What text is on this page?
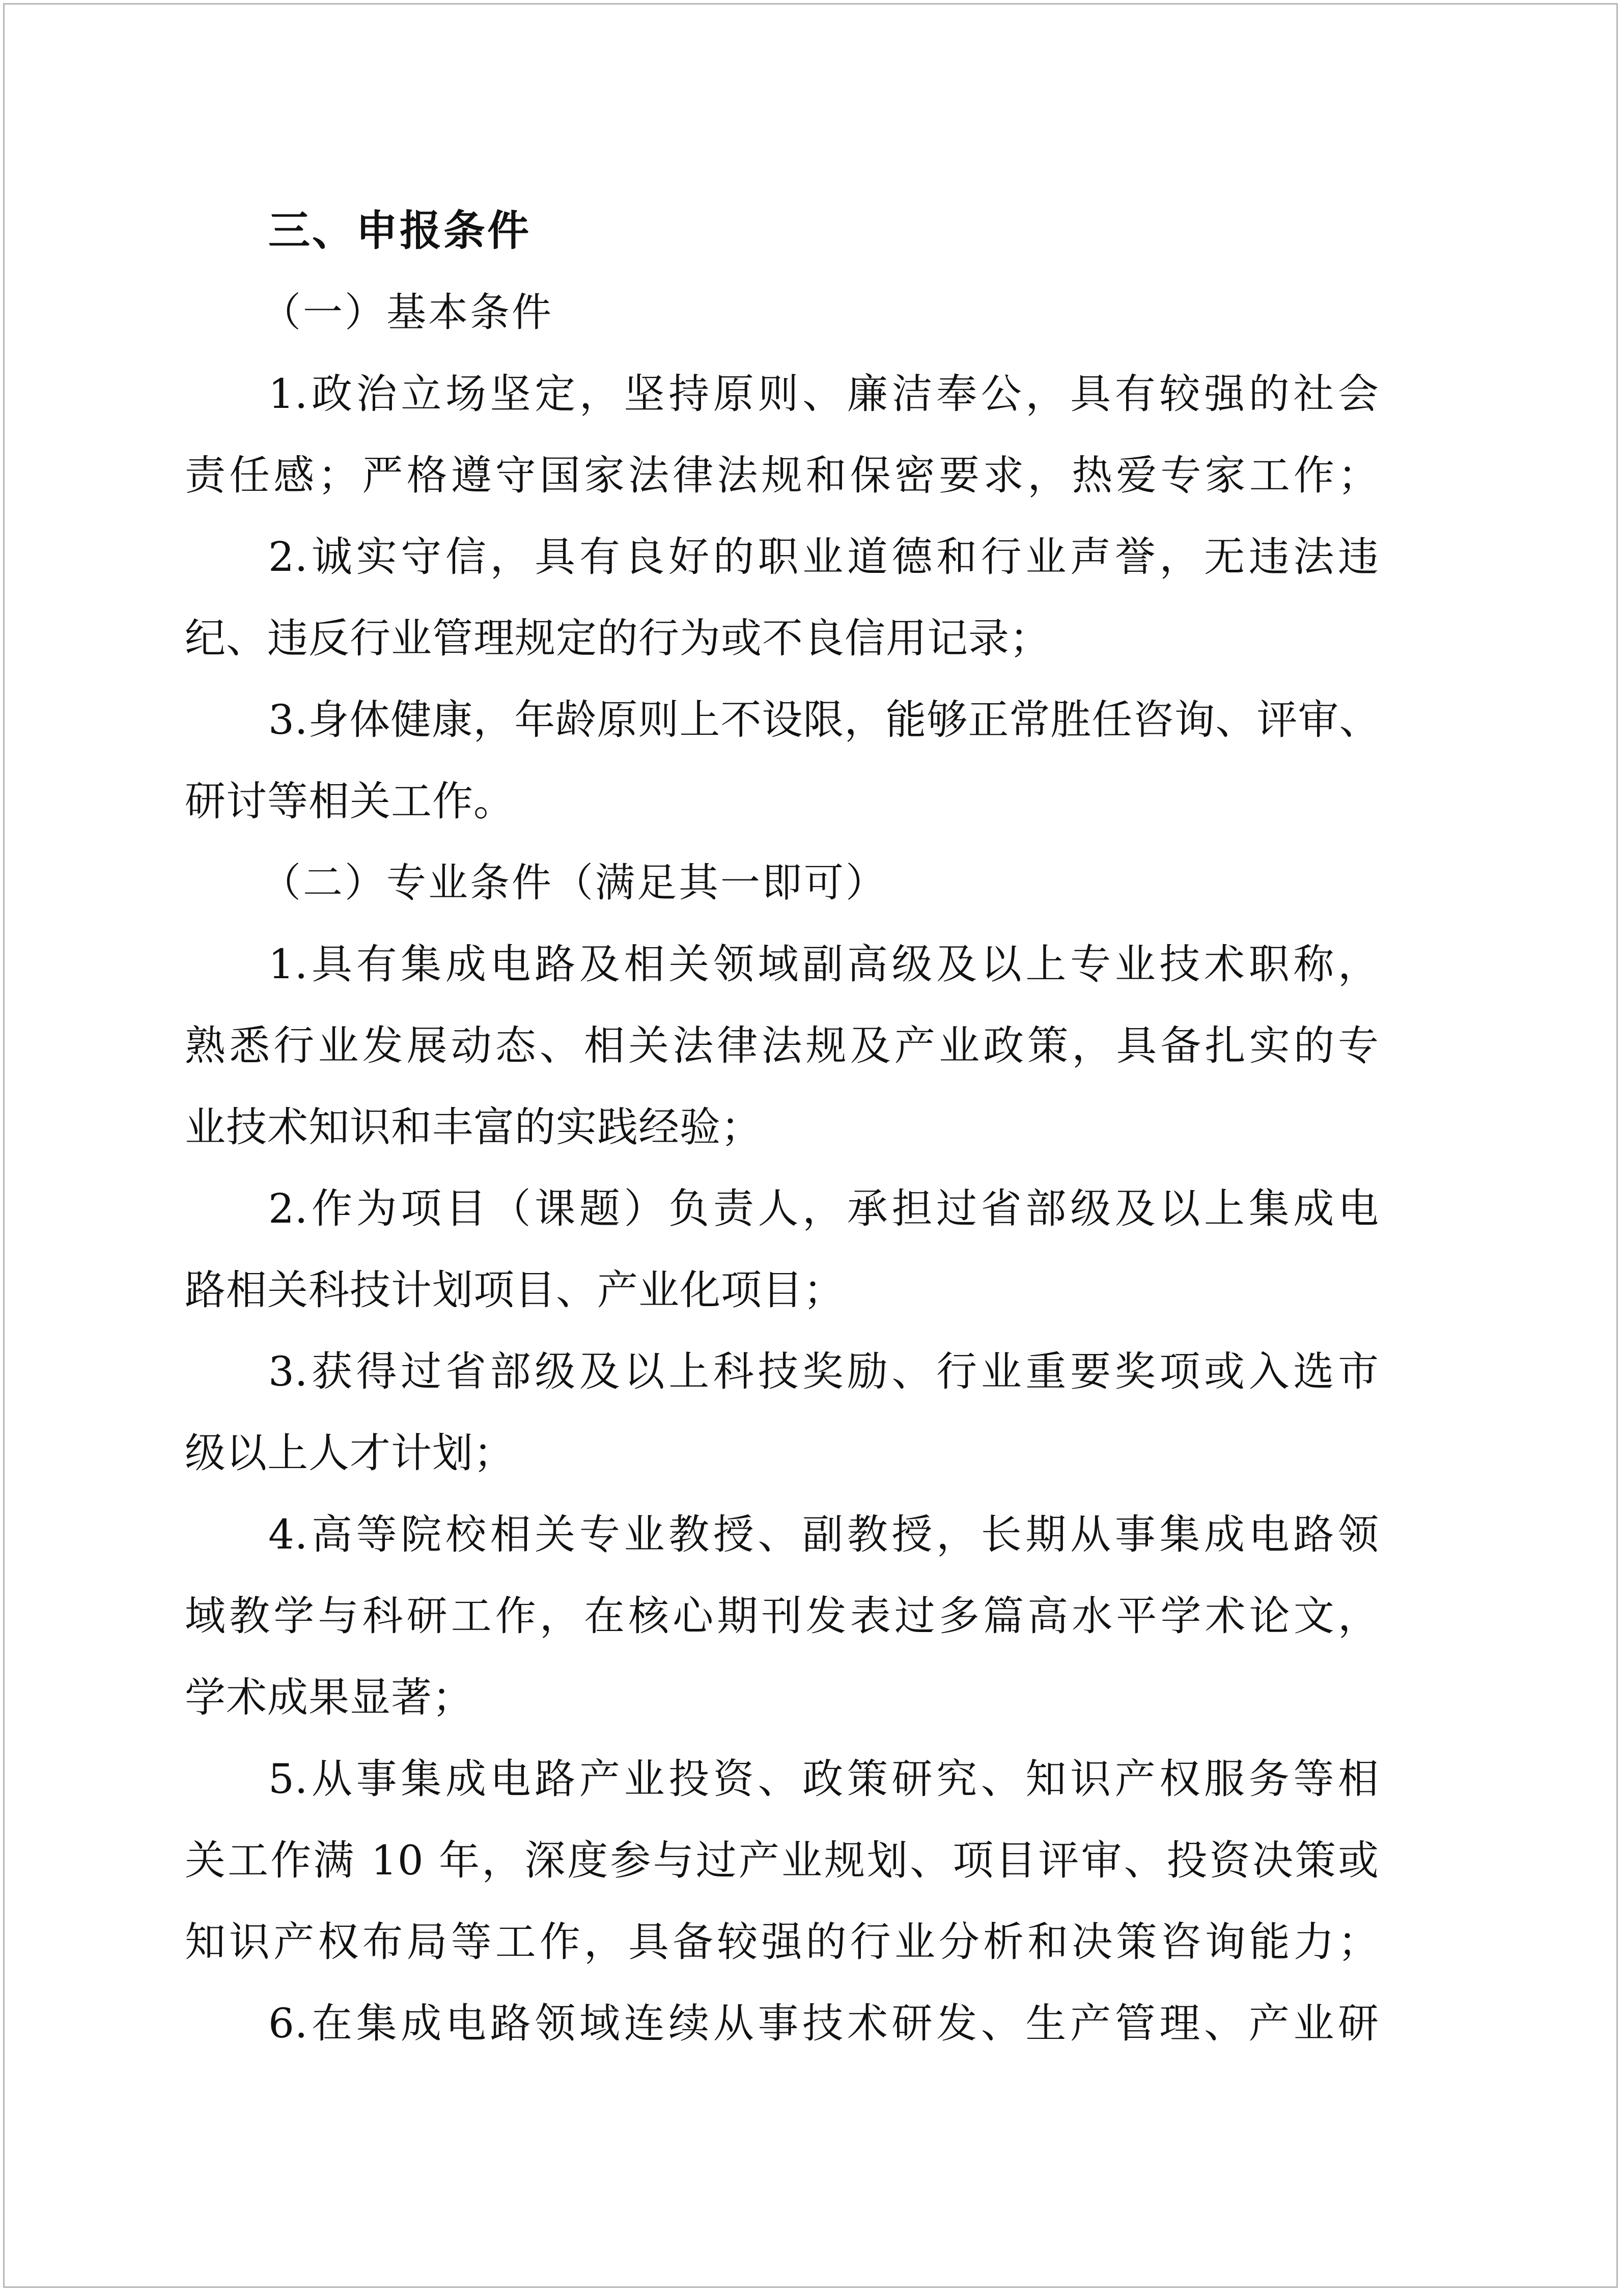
三、申报条件
（一）基本条件
1.政治立场坚定，坚持原则、廉洁奉公，具有较强的社会
责任感；严格遵守国家法律法规和保密要求，热爱专家工作；
2.诚实守信，具有良好的职业道德和行业声誉，无违法违
纪、违反行业管理规定的行为或不良信用记录；
3.身体健康，年龄原则上不设限，能够正常胜任咨询、评审、
研讨等相关工作。
（二）专业条件（满足其一即可）
1.具有集成电路及相关领域副高级及以上专业技术职称，
熟悉行业发展动态、相关法律法规及产业政策，具备扎实的专
业技术知识和丰富的实践经验；
2.作为项目（课题）负责人，承担过省部级及以上集成电
路相关科技计划项目、产业化项目；
3.获得过省部级及以上科技奖励、行业重要奖项或入选市
级以上人才计划；
4.高等院校相关专业教授、副教授，长期从事集成电路领
域教学与科研工作，在核心期刊发表过多篇高水平学术论文，
学术成果显著；
5.从事集成电路产业投资、政策研究、知识产权服务等相
关工作满 10 年，深度参与过产业规划、项目评审、投资决策或
知识产权布局等工作，具备较强的行业分析和决策咨询能力；
6.在集成电路领域连续从事技术研发、生产管理、产业研
